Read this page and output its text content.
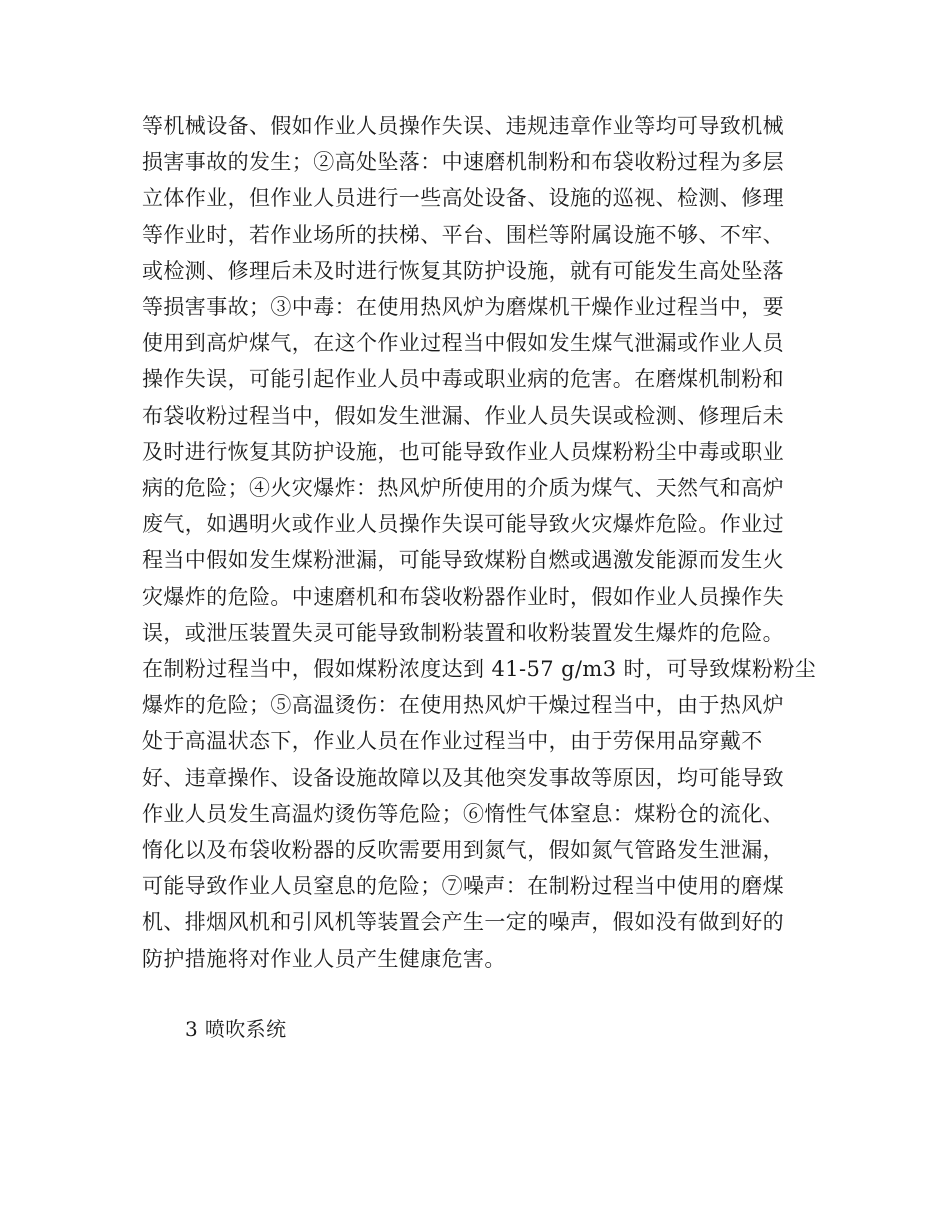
等机械设备、假如作业人员操作失误、违规违章作业等均可导致机械
损害事故的发生；②高处坠落：中速磨机制粉和布袋收粉过程为多层
立体作业，但作业人员进行一些高处设备、设施的巡视、检测、修理
等作业时，若作业场所的扶梯、平台、围栏等附属设施不够、不牢、
或检测、修理后未及时进行恢复其防护设施，就有可能发生高处坠落
等损害事故；③中毒：在使用热风炉为磨煤机干燥作业过程当中，要
使用到高炉煤气，在这个作业过程当中假如发生煤气泄漏或作业人员
操作失误，可能引起作业人员中毒或职业病的危害。在磨煤机制粉和
布袋收粉过程当中，假如发生泄漏、作业人员失误或检测、修理后未
及时进行恢复其防护设施，也可能导致作业人员煤粉粉尘中毒或职业
病的危险；④火灾爆炸：热风炉所使用的介质为煤气、天然气和高炉
废气，如遇明火或作业人员操作失误可能导致火灾爆炸危险。作业过
程当中假如发生煤粉泄漏，可能导致煤粉自燃或遇激发能源而发生火
灾爆炸的危险。中速磨机和布袋收粉器作业时，假如作业人员操作失
误，或泄压装置失灵可能导致制粉装置和收粉装置发生爆炸的危险。
在制粉过程当中，假如煤粉浓度达到 41-57 g/m3 时，可导致煤粉粉尘
爆炸的危险；⑤高温烫伤：在使用热风炉干燥过程当中，由于热风炉
处于高温状态下，作业人员在作业过程当中，由于劳保用品穿戴不
好、违章操作、设备设施故障以及其他突发事故等原因，均可能导致
作业人员发生高温灼烫伤等危险；⑥惰性气体窒息：煤粉仓的流化、
惰化以及布袋收粉器的反吹需要用到氮气，假如氮气管路发生泄漏，
可能导致作业人员窒息的危险；⑦噪声：在制粉过程当中使用的磨煤
机、排烟风机和引风机等装置会产生一定的噪声，假如没有做到好的
防护措施将对作业人员产生健康危害。

3 喷吹系统
